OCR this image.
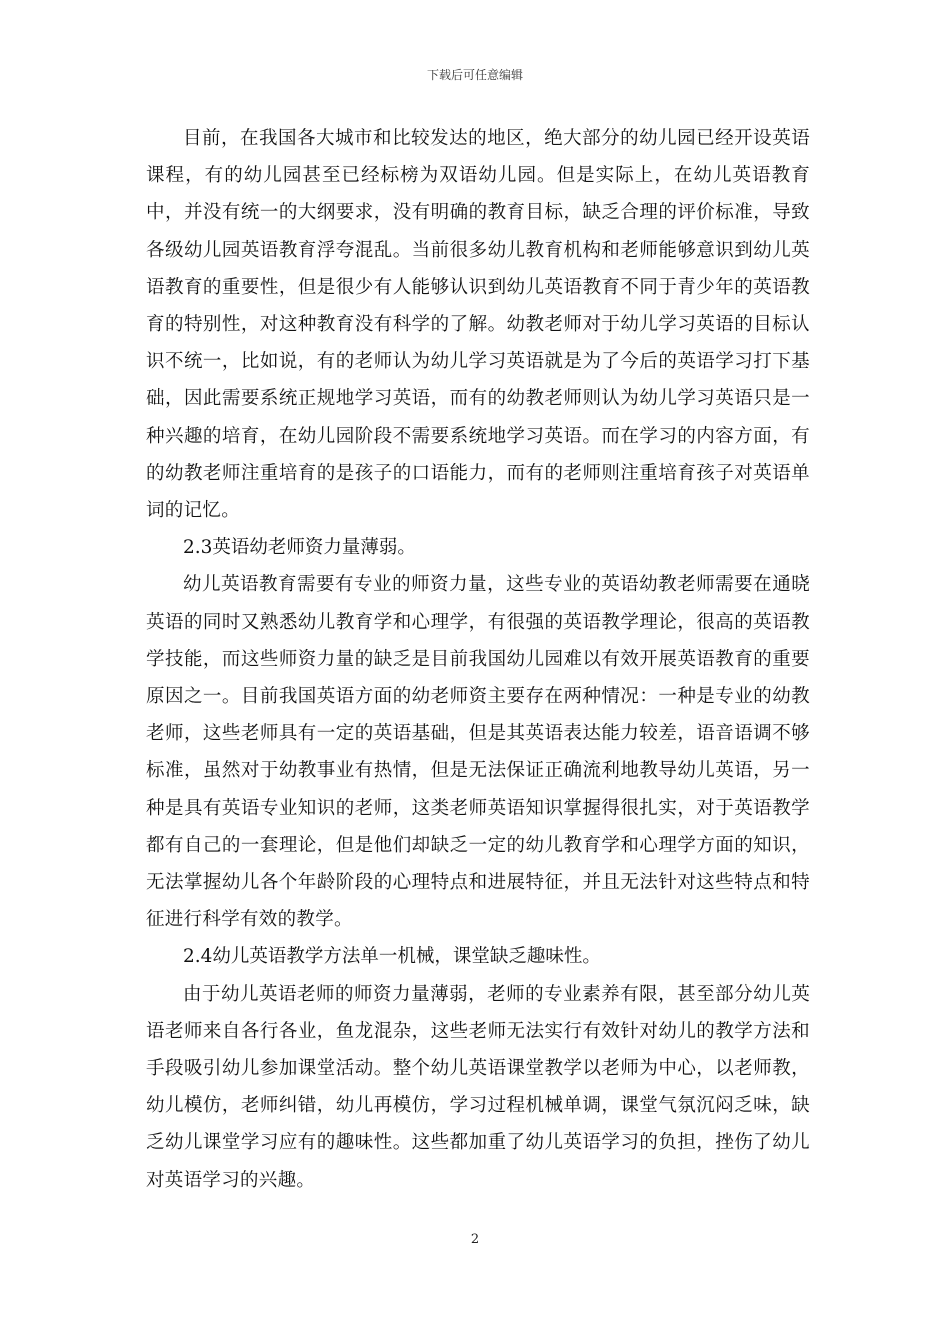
下载后可任意编辑

目前，在我国各大城市和比较发达的地区，绝大部分的幼儿园已经开设英语课程，有的幼儿园甚至已经标榜为双语幼儿园。但是实际上，在幼儿英语教育中，并没有统一的大纲要求，没有明确的教育目标，缺乏合理的评价标准，导致各级幼儿园英语教育浮夸混乱。当前很多幼儿教育机构和老师能够意识到幼儿英语教育的重要性，但是很少有人能够认识到幼儿英语教育不同于青少年的英语教育的特别性，对这种教育没有科学的了解。幼教老师对于幼儿学习英语的目标认识不统一，比如说，有的老师认为幼儿学习英语就是为了今后的英语学习打下基础，因此需要系统正规地学习英语，而有的幼教老师则认为幼儿学习英语只是一种兴趣的培育，在幼儿园阶段不需要系统地学习英语。而在学习的内容方面，有的幼教老师注重培育的是孩子的口语能力，而有的老师则注重培育孩子对英语单词的记忆。

2.3英语幼老师资力量薄弱。

幼儿英语教育需要有专业的师资力量，这些专业的英语幼教老师需要在通晓英语的同时又熟悉幼儿教育学和心理学，有很强的英语教学理论，很高的英语教学技能，而这些师资力量的缺乏是目前我国幼儿园难以有效开展英语教育的重要原因之一。目前我国英语方面的幼老师资主要存在两种情况：一种是专业的幼教老师，这些老师具有一定的英语基础，但是其英语表达能力较差，语音语调不够标准，虽然对于幼教事业有热情，但是无法保证正确流利地教导幼儿英语，另一种是具有英语专业知识的老师，这类老师英语知识掌握得很扎实，对于英语教学都有自己的一套理论，但是他们却缺乏一定的幼儿教育学和心理学方面的知识，无法掌握幼儿各个年龄阶段的心理特点和进展特征，并且无法针对这些特点和特征进行科学有效的教学。

2.4幼儿英语教学方法单一机械，课堂缺乏趣味性。

由于幼儿英语老师的师资力量薄弱，老师的专业素养有限，甚至部分幼儿英语老师来自各行各业，鱼龙混杂，这些老师无法实行有效针对幼儿的教学方法和手段吸引幼儿参加课堂活动。整个幼儿英语课堂教学以老师为中心，以老师教，幼儿模仿，老师纠错，幼儿再模仿，学习过程机械单调，课堂气氛沉闷乏味，缺乏幼儿课堂学习应有的趣味性。这些都加重了幼儿英语学习的负担，挫伤了幼儿对英语学习的兴趣。

2
